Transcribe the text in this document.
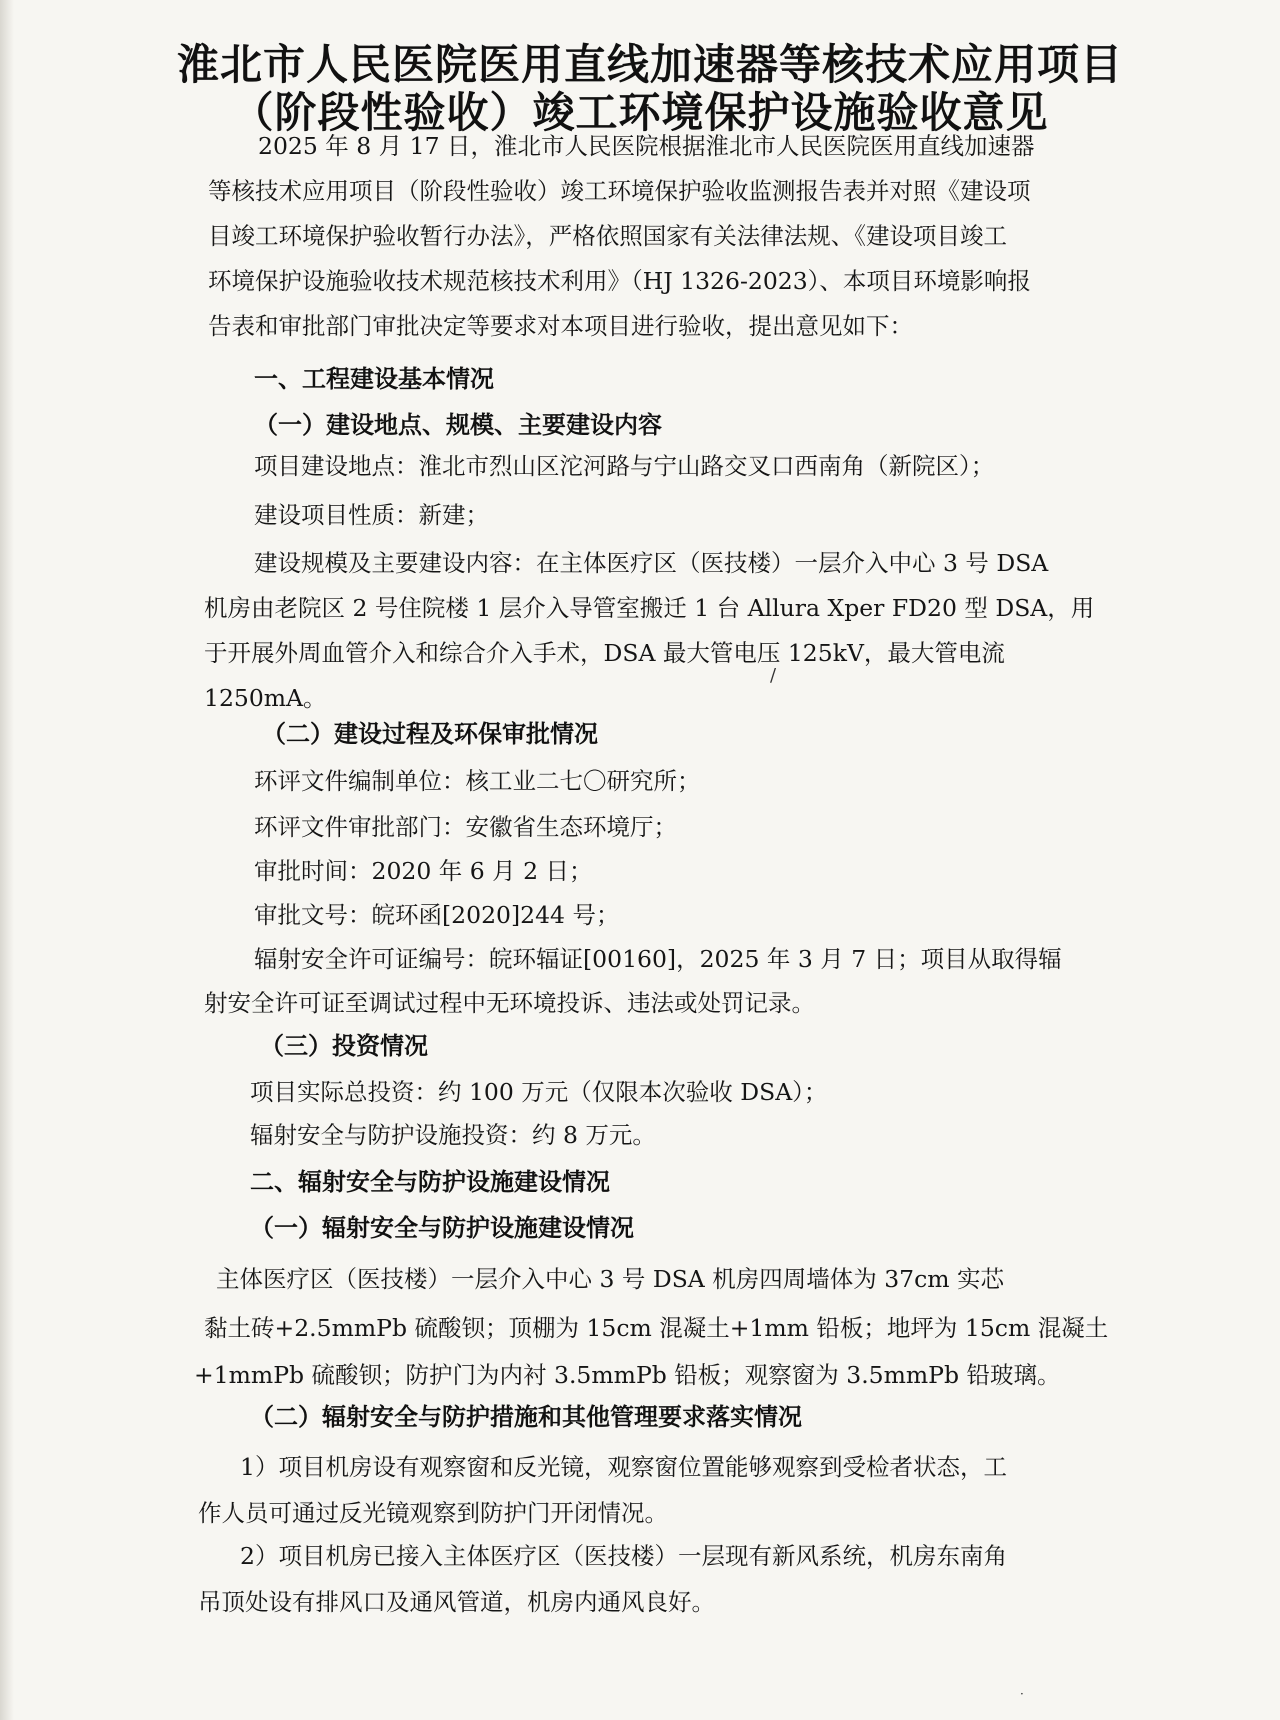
淮北市人民医院医用直线加速器等核技术应用项目
（阶段性验收）竣工环境保护设施验收意见
2025 年 8 月 17 日，淮北市人民医院根据淮北市人民医院医用直线加速器
等核技术应用项目（阶段性验收）竣工环境保护验收监测报告表并对照《建设项
目竣工环境保护验收暂行办法》，严格依照国家有关法律法规、《建设项目竣工
环境保护设施验收技术规范核技术利用》（HJ 1326-2023）、本项目环境影响报
告表和审批部门审批决定等要求对本项目进行验收，提出意见如下：
一、工程建设基本情况
（一）建设地点、规模、主要建设内容
项目建设地点：淮北市烈山区沱河路与宁山路交叉口西南角（新院区）；
建设项目性质：新建；
建设规模及主要建设内容：在主体医疗区（医技楼）一层介入中心 3 号 DSA
机房由老院区 2 号住院楼 1 层介入导管室搬迁 1 台 Allura Xper FD20 型 DSA，用
于开展外周血管介入和综合介入手术，DSA 最大管电压 125kV，最大管电流
1250mA。
（二）建设过程及环保审批情况
环评文件编制单位：核工业二七〇研究所；
环评文件审批部门：安徽省生态环境厅；
审批时间：2020 年 6 月 2 日；
审批文号：皖环函[2020]244 号；
辐射安全许可证编号：皖环辐证[00160]，2025 年 3 月 7 日；项目从取得辐
射安全许可证至调试过程中无环境投诉、违法或处罚记录。
（三）投资情况
项目实际总投资：约 100 万元（仅限本次验收 DSA）；
辐射安全与防护设施投资：约 8 万元。
二、辐射安全与防护设施建设情况
（一）辐射安全与防护设施建设情况
主体医疗区（医技楼）一层介入中心 3 号 DSA 机房四周墙体为 37cm 实芯
黏土砖+2.5mmPb 硫酸钡；顶棚为 15cm 混凝土+1mm 铅板；地坪为 15cm 混凝土
+1mmPb 硫酸钡；防护门为内衬 3.5mmPb 铅板；观察窗为 3.5mmPb 铅玻璃。
（二）辐射安全与防护措施和其他管理要求落实情况
1）项目机房设有观察窗和反光镜，观察窗位置能够观察到受检者状态，工
作人员可通过反光镜观察到防护门开闭情况。
2）项目机房已接入主体医疗区（医技楼）一层现有新风系统，机房东南角
吊顶处设有排风口及通风管道，机房内通风良好。
/
·
